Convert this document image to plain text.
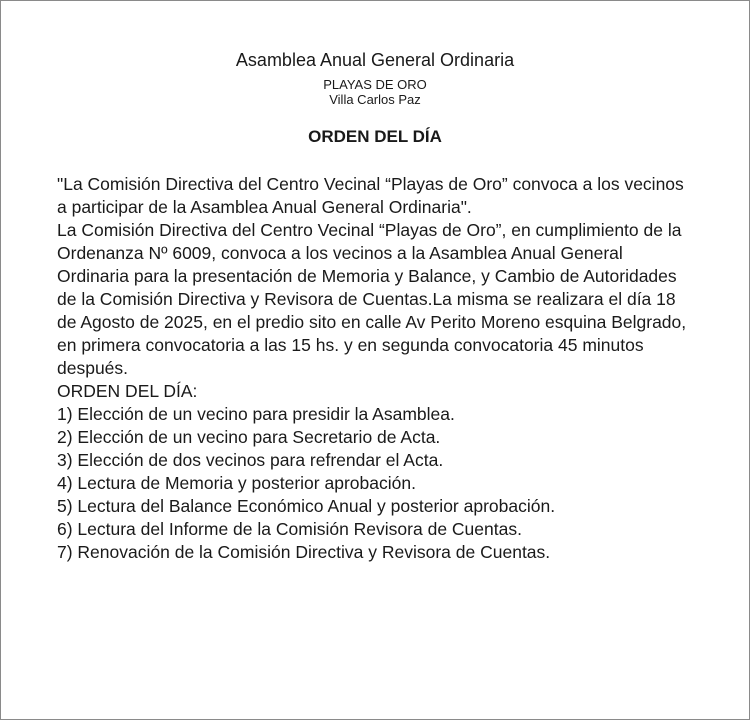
Asamblea Anual General Ordinaria
PLAYAS DE ORO
Villa Carlos Paz
ORDEN DEL DÍA

"La Comisión Directiva del Centro Vecinal “Playas de Oro” convoca a los vecinos a participar de la Asamblea Anual General Ordinaria".

La Comisión Directiva del Centro Vecinal “Playas de Oro”, en cumplimiento de la Ordenanza Nº 6009, convoca a los vecinos a la Asamblea Anual General Ordinaria para la presentación de Memoria y Balance, y Cambio de Autoridades de la Comisión Directiva y Revisora de Cuentas.La misma se realizara el día 18 de Agosto de 2025, en el predio sito en calle Av Perito Moreno esquina Belgrado, en primera convocatoria a las 15 hs. y en segunda convocatoria 45 minutos después.

ORDEN DEL DÍA:

1) Elección de un vecino para presidir la Asamblea.
2) Elección de un vecino para Secretario de Acta.
3) Elección de dos vecinos para refrendar el Acta.
4) Lectura de Memoria y posterior aprobación.
5) Lectura del Balance Económico Anual y posterior aprobación.
6) Lectura del Informe de la Comisión Revisora de Cuentas.
7) Renovación de la Comisión Directiva y Revisora de Cuentas.
